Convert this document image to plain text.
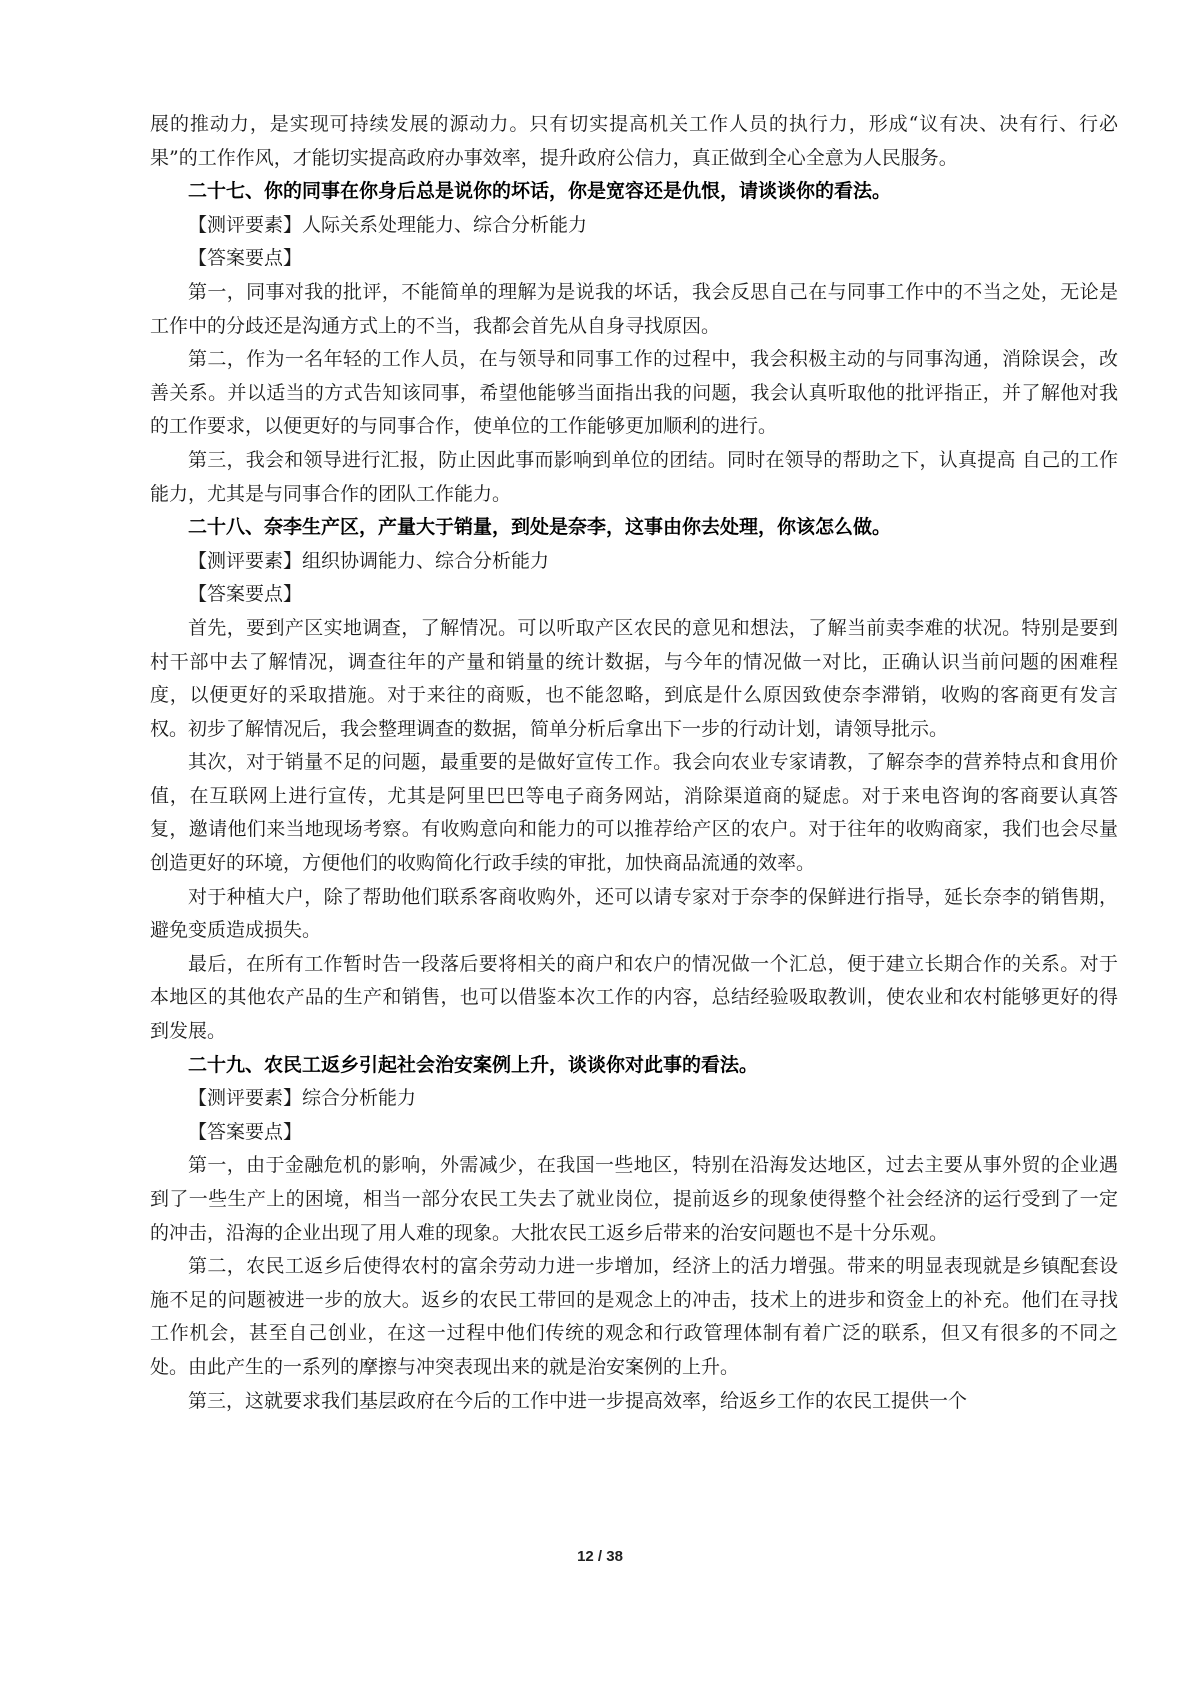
展的推动力，是实现可持续发展的源动力。只有切实提高机关工作人员的执行力，形成“议有决、决有行、行必果”的工作作风，才能切实提高政府办事效率，提升政府公信力，真正做到全心全意为人民服务。

二十七、你的同事在你身后总是说你的坏话，你是宽容还是仇恨，请谈谈你的看法。

【测评要素】人际关系处理能力、综合分析能力

【答案要点】

第一，同事对我的批评，不能简单的理解为是说我的坏话，我会反思自己在与同事工作中的不当之处，无论是工作中的分歧还是沟通方式上的不当，我都会首先从自身寻找原因。

第二，作为一名年轻的工作人员，在与领导和同事工作的过程中，我会积极主动的与同事沟通，消除误会，改善关系。并以适当的方式告知该同事，希望他能够当面指出我的问题，我会认真听取他的批评指正，并了解他对我的工作要求，以便更好的与同事合作，使单位的工作能够更加顺利的进行。

第三，我会和领导进行汇报，防止因此事而影响到单位的团结。同时在领导的帮助之下，认真提高 自己的工作能力，尤其是与同事合作的团队工作能力。

二十八、奈李生产区，产量大于销量，到处是奈李，这事由你去处理，你该怎么做。

【测评要素】组织协调能力、综合分析能力

【答案要点】

首先，要到产区实地调查，了解情况。可以听取产区农民的意见和想法，了解当前卖李难的状况。特别是要到村干部中去了解情况，调查往年的产量和销量的统计数据，与今年的情况做一对比，正确认识当前问题的困难程度，以便更好的采取措施。对于来往的商贩，也不能忽略，到底是什么原因致使奈李滞销，收购的客商更有发言权。初步了解情况后，我会整理调查的数据，简单分析后拿出下一步的行动计划，请领导批示。

其次，对于销量不足的问题，最重要的是做好宣传工作。我会向农业专家请教，了解奈李的营养特点和食用价值，在互联网上进行宣传，尤其是阿里巴巴等电子商务网站，消除渠道商的疑虑。对于来电咨询的客商要认真答复，邀请他们来当地现场考察。有收购意向和能力的可以推荐给产区的农户。对于往年的收购商家，我们也会尽量创造更好的环境，方便他们的收购简化行政手续的审批，加快商品流通的效率。

对于种植大户，除了帮助他们联系客商收购外，还可以请专家对于奈李的保鲜进行指导，延长奈李的销售期，避免变质造成损失。

最后，在所有工作暂时告一段落后要将相关的商户和农户的情况做一个汇总，便于建立长期合作的关系。对于本地区的其他农产品的生产和销售，也可以借鉴本次工作的内容，总结经验吸取教训，使农业和农村能够更好的得到发展。

二十九、农民工返乡引起社会治安案例上升，谈谈你对此事的看法。

【测评要素】综合分析能力

【答案要点】

第一，由于金融危机的影响，外需减少，在我国一些地区，特别在沿海发达地区，过去主要从事外贸的企业遇到了一些生产上的困境，相当一部分农民工失去了就业岗位，提前返乡的现象使得整个社会经济的运行受到了一定的冲击，沿海的企业出现了用人难的现象。大批农民工返乡后带来的治安问题也不是十分乐观。

第二，农民工返乡后使得农村的富余劳动力进一步增加，经济上的活力增强。带来的明显表现就是乡镇配套设施不足的问题被进一步的放大。返乡的农民工带回的是观念上的冲击，技术上的进步和资金上的补充。他们在寻找工作机会，甚至自己创业，在这一过程中他们传统的观念和行政管理体制有着广泛的联系，但又有很多的不同之处。由此产生的一系列的摩擦与冲突表现出来的就是治安案例的上升。

第三，这就要求我们基层政府在今后的工作中进一步提高效率，给返乡工作的农民工提供一个

12 / 38
